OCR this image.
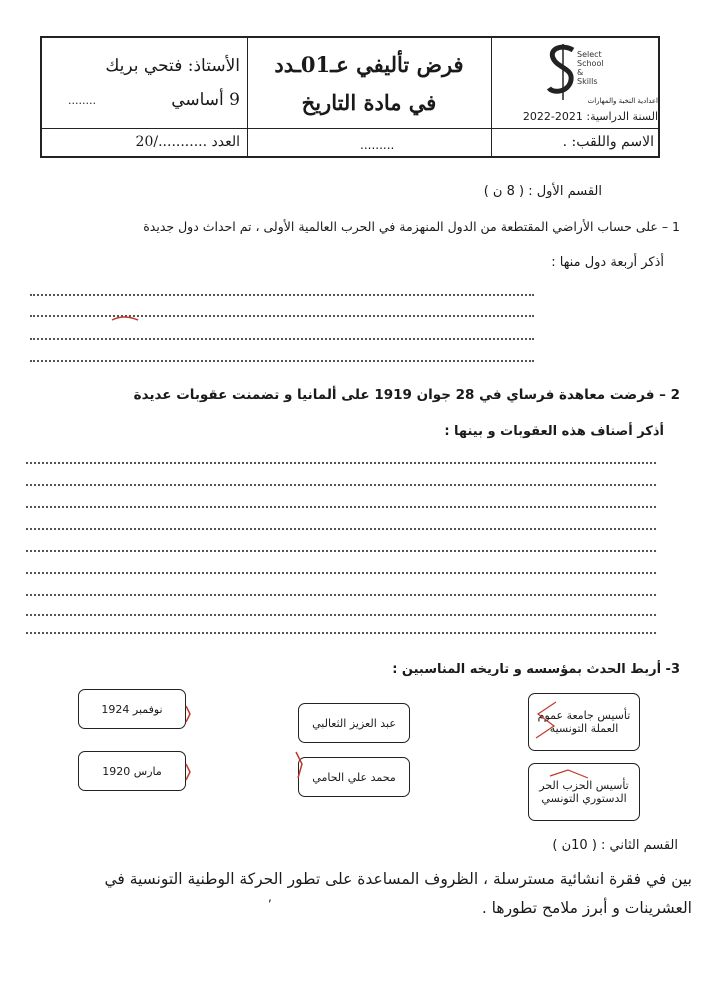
الأستاذ: فتحي بريك
9 أساسي
........
فرض تأليفي عـ01ـدد
في مادة التاريخ
Select
School
&
Skills
اعدادية النخبة والمهارات
السنة الدراسية: 2021-2022
العدد .........../20	.........	الاسم واللقب: .
القسم الأول : ( 8 ن )
1 – على حساب الأراضي المقتطعة من الدول المنهزمة في الحرب العالمية الأولى ، تم احداث دول جديدة
أذكر أربعة دول منها :
2 – فرضت معاهدة فرساي في 28 جوان 1919 على ألمانيا و تضمنت عقوبات عديدة
أذكر أصناف هذه العقوبات و بينها :
3- أربط الحدث بمؤسسه و تاريخه المناسبين :
تأسيس جامعة عموم العملة التونسية
تأسيس الحزب الحر الدستوري التونسي
عبد العزيز الثعالبي
محمد علي الحامي
نوفمبر 1924
مارس 1920
القسم الثاني : ( 10ن )
بين في فقرة انشائية مسترسلة ، الظروف المساعدة على تطور الحركة الوطنية التونسية في
العشرينات و أبرز ملامح تطورها .
,
